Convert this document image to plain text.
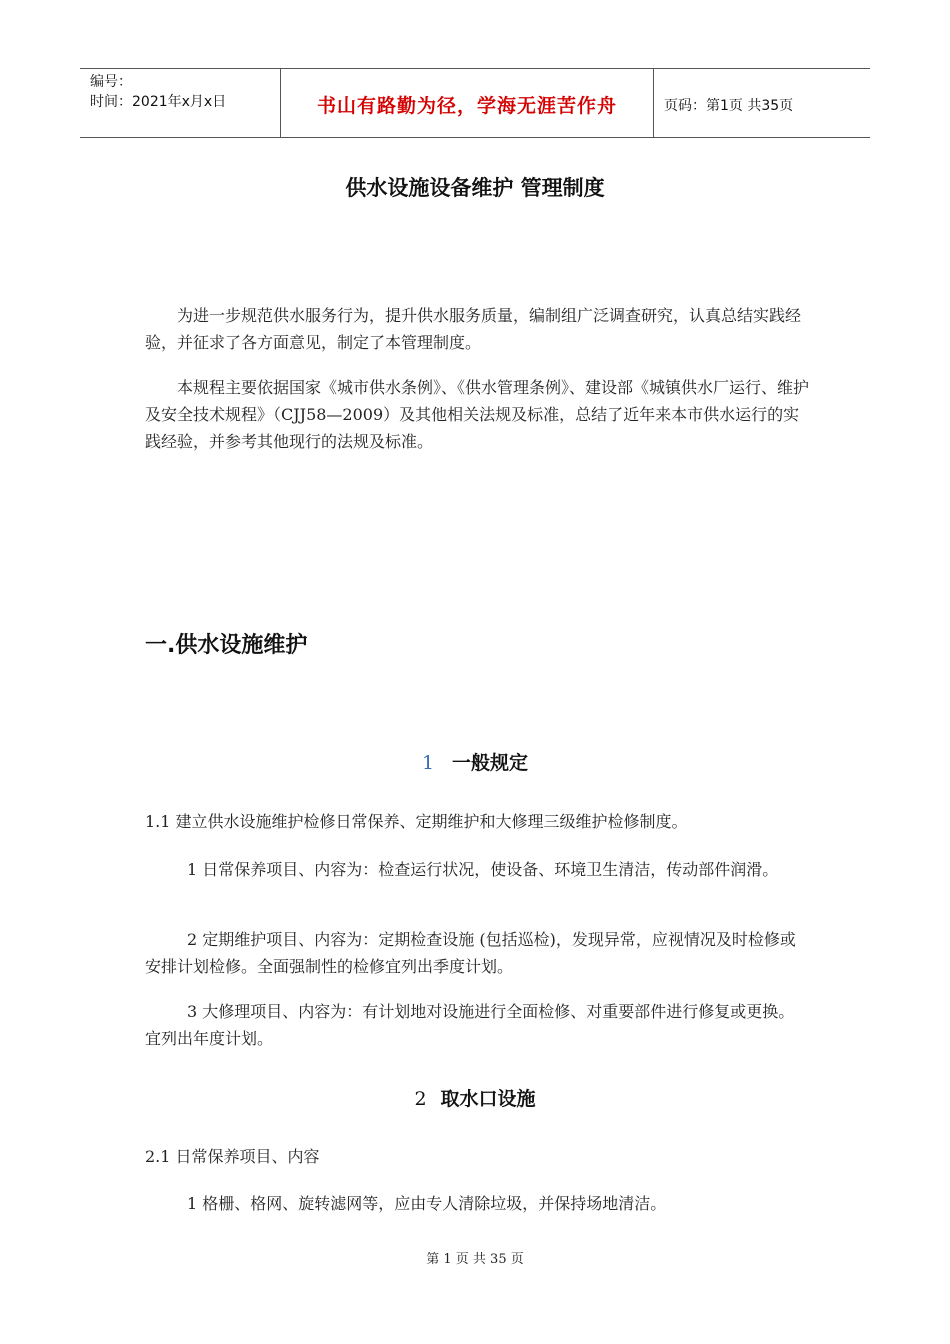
编号：
时间：2021年x月x日	书山有路勤为径，学海无涯苦作舟	页码：第1页 共35页
供水设施设备维护 管理制度
为进一步规范供水服务行为，提升供水服务质量，编制组广泛调查研究，认真总结实践经验，并征求了各方面意见，制定了本管理制度。
本规程主要依据国家《城市供水条例》、《供水管理条例》、建设部《城镇供水厂运行、维护及安全技术规程》（CJJ58—2009）及其他相关法规及标准，总结了近年来本市供水运行的实践经验，并参考其他现行的法规及标准。
一.供水设施维护
1 一般规定
1.1 建立供水设施维护检修日常保养、定期维护和大修理三级维护检修制度。
1 日常保养项目、内容为：检查运行状况，使设备、环境卫生清洁，传动部件润滑。
2 定期维护项目、内容为：定期检查设施 (包括巡检)，发现异常，应视情况及时检修或安排计划检修。全面强制性的检修宜列出季度计划。
3 大修理项目、内容为：有计划地对设施进行全面检修、对重要部件进行修复或更换。宜列出年度计划。
2 取水口设施
2.1 日常保养项目、内容
1 格栅、格网、旋转滤网等，应由专人清除垃圾，并保持场地清洁。
第 1 页 共 35 页
